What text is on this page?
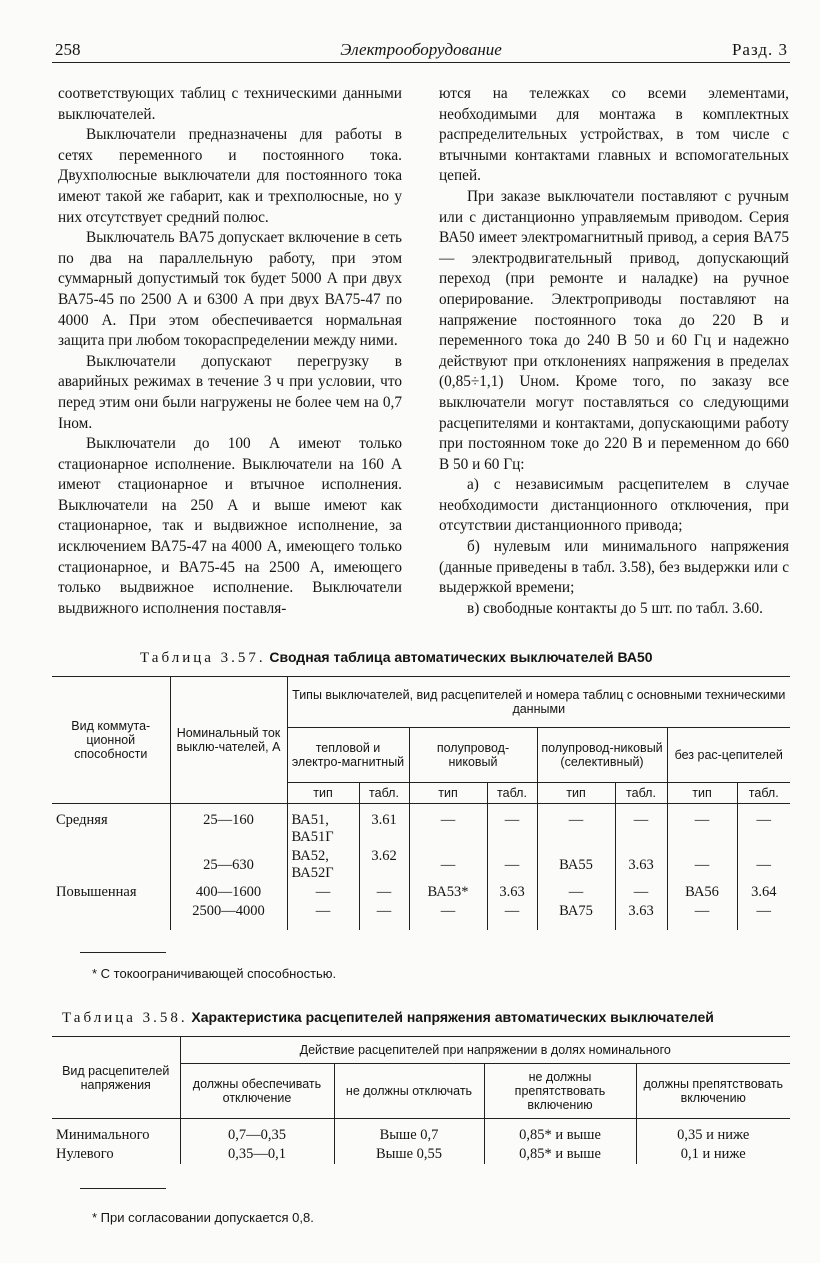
258	Электрооборудование	Разд. 3

соответствующих таблиц с техническими данными выключателей.

Выключатели предназначены для работы в сетях переменного и постоянного тока. Двухполюсные выключатели для постоянного тока имеют такой же габарит, как и трехполюсные, но у них отсутствует средний полюс.

Выключатель ВА75 допускает включение в сеть по два на параллельную работу, при этом суммарный допустимый ток будет 5000 А при двух ВА75-45 по 2500 А и 6300 А при двух ВА75-47 по 4000 А. При этом обеспечивается нормальная защита при любом токораспределении между ними.

Выключатели допускают перегрузку в аварийных режимах в течение 3 ч при условии, что перед этим они были нагружены не более чем на 0,7 Iном.

Выключатели до 100 А имеют только стационарное исполнение. Выключатели на 160 А имеют стационарное и втычное исполнения. Выключатели на 250 А и выше имеют как стационарное, так и выдвижное исполнение, за исключением ВА75-47 на 4000 А, имеющего только стационарное, и ВА75-45 на 2500 А, имеющего только выдвижное исполнение. Выключатели выдвижного исполнения поставля-

ются на тележках со всеми элементами, необходимыми для монтажа в комплектных распределительных устройствах, в том числе с втычными контактами главных и вспомогательных цепей.

При заказе выключатели поставляют с ручным или с дистанционно управляемым приводом. Серия ВА50 имеет электромагнитный привод, а серия ВА75 — электродвигательный привод, допускающий переход (при ремонте и наладке) на ручное оперирование. Электроприводы поставляют на напряжение постоянного тока до 220 В и переменного тока до 240 В 50 и 60 Гц и надежно действуют при отклонениях напряжения в пределах (0,85÷1,1) Uном. Кроме того, по заказу все выключатели могут поставляться со следующими расцепителями и контактами, допускающими работу при постоянном токе до 220 В и переменном до 660 В 50 и 60 Гц:

а) с независимым расцепителем в случае необходимости дистанционного отключения, при отсутствии дистанционного привода;

б) нулевым или минимального напряжения (данные приведены в табл. 3.58), без выдержки или с выдержкой времени;

в) свободные контакты до 5 шт. по табл. 3.60.

Таблица 3.57. Сводная таблица автоматических выключателей ВА50
Вид коммута-ционной способности	Номинальный ток выклю-чателей, А	Типы выключателей, вид расцепителей и номера таблиц с основными техническими данными							
		тепловой и электро-магнитный		полупровод-никовый		полупровод-никовый (селективный)		без рас-цепителей	
		тип	табл.	тип	табл.	тип	табл.	тип	табл.
Средняя	25—160	ВА51, ВА51Г	3.61	—	—	—	—	—	—
	25—630	ВА52, ВА52Г	3.62	—	—	ВА55	3.63	—	—
Повышенная	400—1600	—	—	ВА53*	3.63	—	—	ВА56	3.64
	2500—4000	—	—	—	—	ВА75	3.63	—	—
* С токоограничивающей способностью.
Таблица 3.58. Характеристика расцепителей напряжения автоматических выключателей
Вид расцепителей напряжения	Действие расцепителей при напряжении в долях номинального			
	должны обеспечивать отключение	не должны отключать	не должны препятствовать включению	должны препятствовать включению
Минимального	0,7—0,35	Выше 0,7	0,85* и выше	0,35 и ниже
Нулевого	0,35—0,1	Выше 0,55	0,85* и выше	0,1 и ниже
* При согласовании допускается 0,8.
